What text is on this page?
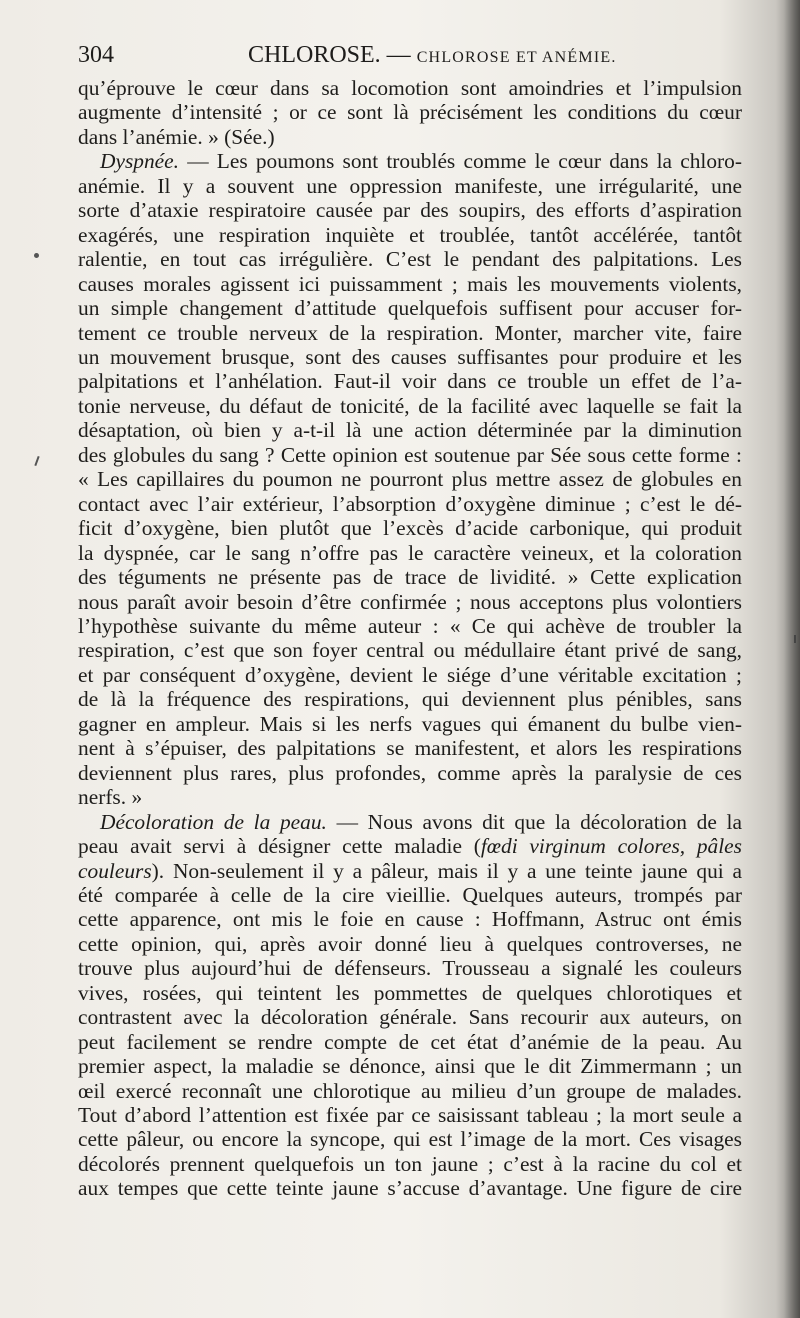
304	CHLOROSE. — CHLOROSE ET ANÉMIE.

qu’éprouve le cœur dans sa locomotion sont amoindries et l’impulsion

augmente d’intensité ; or ce sont là précisément les conditions du cœur

dans l’anémie. » (Sée.)

Dyspnée. — Les poumons sont troublés comme le cœur dans la chloro-

anémie. Il y a souvent une oppression manifeste, une irrégularité, une

sorte d’ataxie respiratoire causée par des soupirs, des efforts d’aspiration

exagérés, une respiration inquiète et troublée, tantôt accélérée, tantôt

ralentie, en tout cas irrégulière. C’est le pendant des palpitations. Les

causes morales agissent ici puissamment ; mais les mouvements violents,

un simple changement d’attitude quelquefois suffisent pour accuser for-

tement ce trouble nerveux de la respiration. Monter, marcher vite, faire

un mouvement brusque, sont des causes suffisantes pour produire et les

palpitations et l’anhélation. Faut-il voir dans ce trouble un effet de l’a-

tonie nerveuse, du défaut de tonicité, de la facilité avec laquelle se fait la

désaptation, où bien y a-t-il là une action déterminée par la diminution

des globules du sang ? Cette opinion est soutenue par Sée sous cette forme :

« Les capillaires du poumon ne pourront plus mettre assez de globules en

contact avec l’air extérieur, l’absorption d’oxygène diminue ; c’est le dé-

ficit d’oxygène, bien plutôt que l’excès d’acide carbonique, qui produit

la dyspnée, car le sang n’offre pas le caractère veineux, et la coloration

des téguments ne présente pas de trace de lividité. » Cette explication

nous paraît avoir besoin d’être confirmée ; nous acceptons plus volontiers

l’hypothèse suivante du même auteur : « Ce qui achève de troubler la

respiration, c’est que son foyer central ou médullaire étant privé de sang,

et par conséquent d’oxygène, devient le siége d’une véritable excitation ;

de là la fréquence des respirations, qui deviennent plus pénibles, sans

gagner en ampleur. Mais si les nerfs vagues qui émanent du bulbe vien-

nent à s’épuiser, des palpitations se manifestent, et alors les respirations

deviennent plus rares, plus profondes, comme après la paralysie de ces

nerfs. »

Décoloration de la peau. — Nous avons dit que la décoloration de la

peau avait servi à désigner cette maladie (fœdi virginum colores, pâles

couleurs). Non-seulement il y a pâleur, mais il y a une teinte jaune qui a

été comparée à celle de la cire vieillie. Quelques auteurs, trompés par

cette apparence, ont mis le foie en cause : Hoffmann, Astruc ont émis

cette opinion, qui, après avoir donné lieu à quelques controverses, ne

trouve plus aujourd’hui de défenseurs. Trousseau a signalé les couleurs

vives, rosées, qui teintent les pommettes de quelques chlorotiques et

contrastent avec la décoloration générale. Sans recourir aux auteurs, on

peut facilement se rendre compte de cet état d’anémie de la peau. Au

premier aspect, la maladie se dénonce, ainsi que le dit Zimmermann ; un

œil exercé reconnaît une chlorotique au milieu d’un groupe de malades.

Tout d’abord l’attention est fixée par ce saisissant tableau ; la mort seule a

cette pâleur, ou encore la syncope, qui est l’image de la mort. Ces visages

décolorés prennent quelquefois un ton jaune ; c’est à la racine du col et

aux tempes que cette teinte jaune s’accuse d’avantage. Une figure de cire
